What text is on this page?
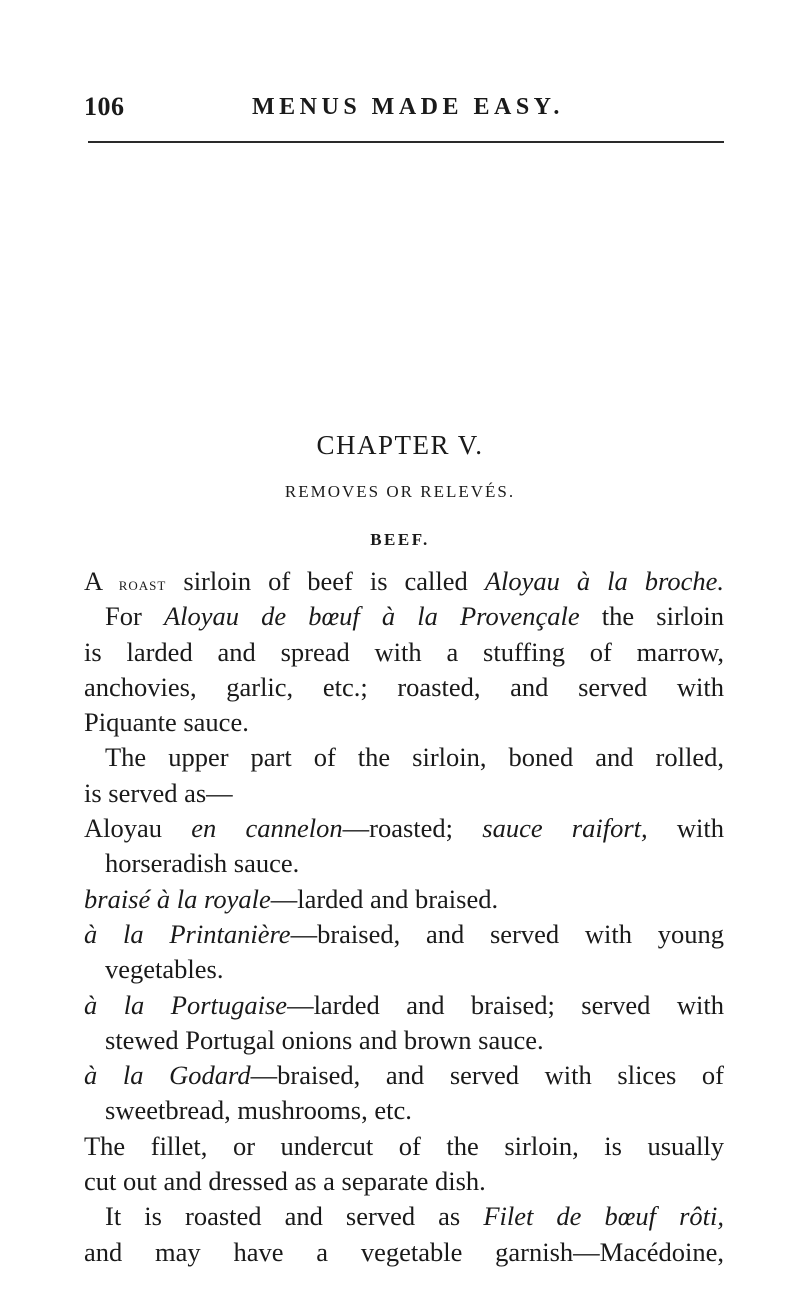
106	MENUS MADE EASY.
CHAPTER V.
REMOVES OR RELEVÉS.
BEEF.
A roast sirloin of beef is called Aloyau à la broche.
For Aloyau de bœuf à la Provençale the sirloin
is larded and spread with a stuffing of marrow,
anchovies, garlic, etc.; roasted, and served with
Piquante sauce.
The upper part of the sirloin, boned and rolled,
is served as—
Aloyau en cannelon—roasted; sauce raifort, with
horseradish sauce.
braisé à la royale—larded and braised.
à la Printanière—braised, and served with young
vegetables.
à la Portugaise—larded and braised; served with
stewed Portugal onions and brown sauce.
à la Godard—braised, and served with slices of
sweetbread, mushrooms, etc.
The fillet, or undercut of the sirloin, is usually
cut out and dressed as a separate dish.
It is roasted and served as Filet de bœuf rôti,
and may have a vegetable garnish—Macédoine,
